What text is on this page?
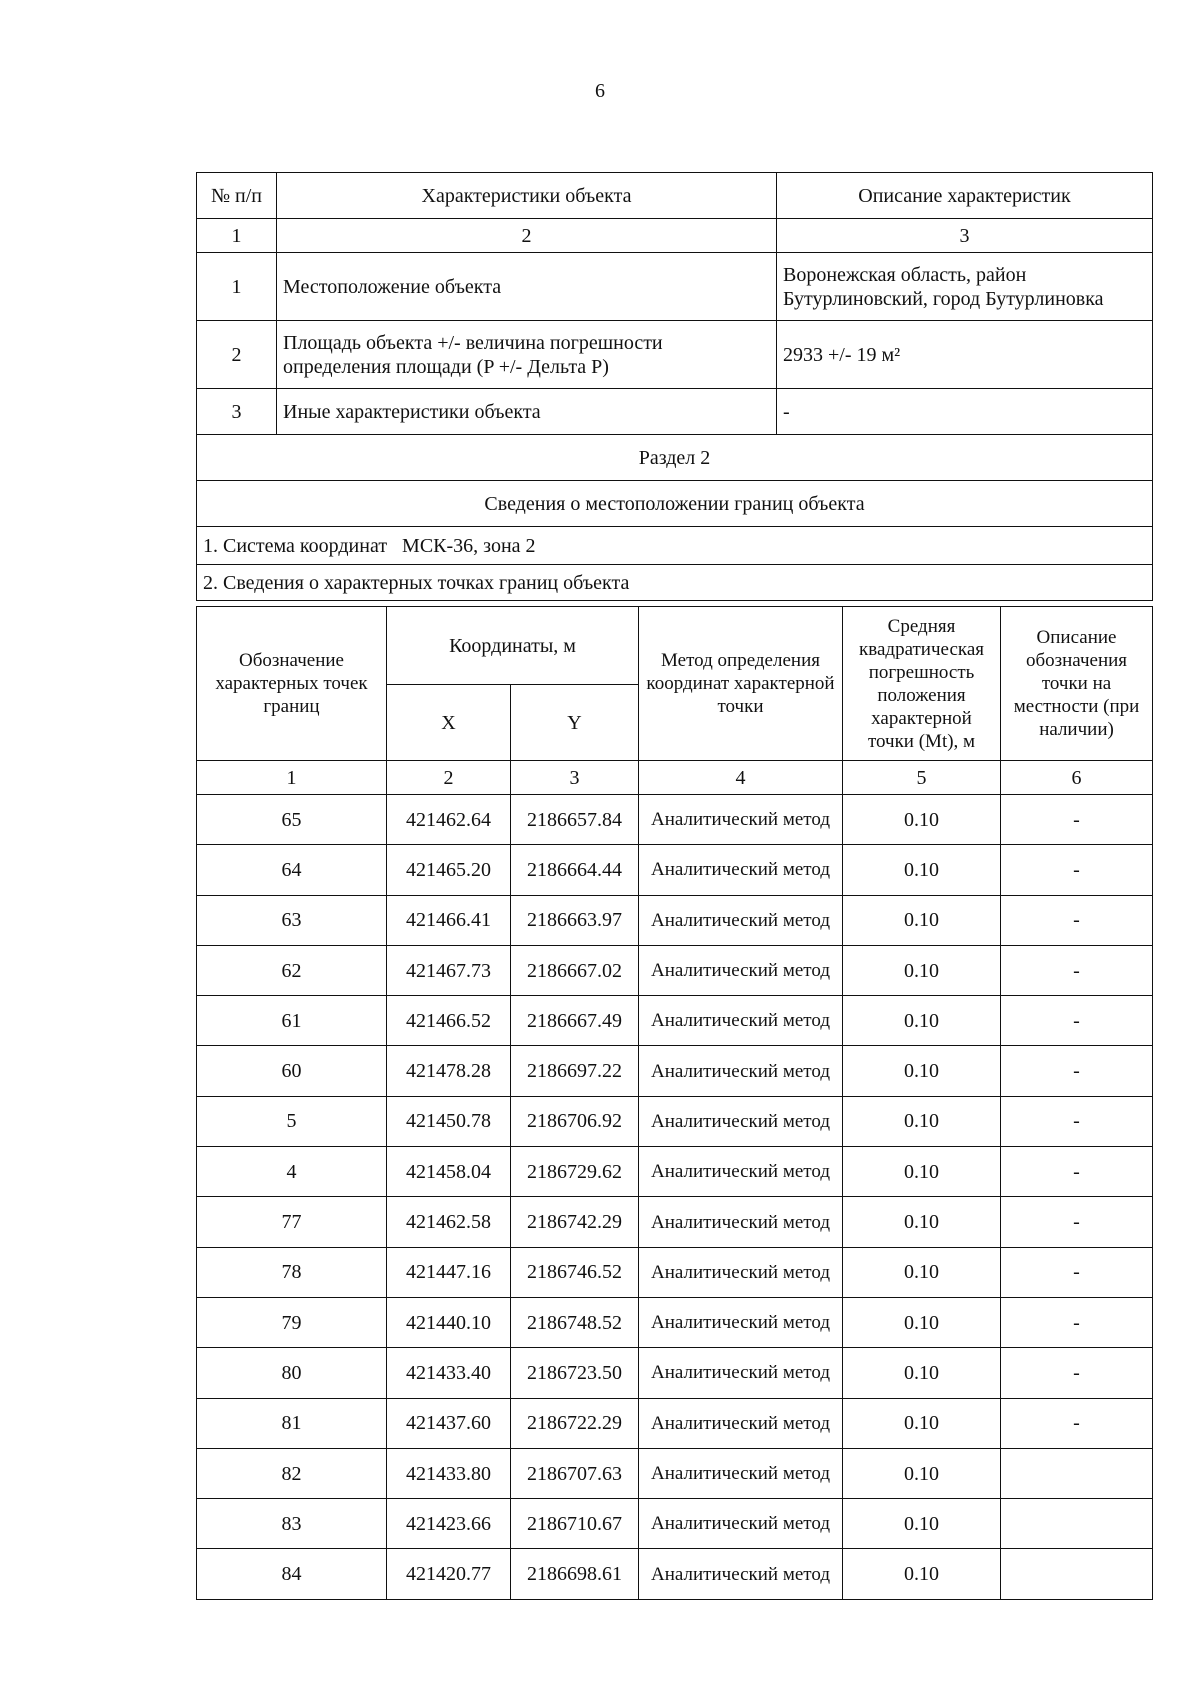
6
№ п/п	Характеристики объекта	Описание характеристик
1	2	3
1	Местоположение объекта	Воронежская область, район Бутурлиновский, город Бутурлиновка
2	Площадь объекта +/- величина погрешности определения площади (P +/- Дельта P)	2933 +/- 19 м²
3	Иные характеристики объекта	-
Раздел 2		
Сведения о местоположении границ объекта		
1. Система координат   МСК-36, зона 2		
2. Сведения о характерных точках границ объекта		
Обозначение характерных точек границ	Координаты, м		Метод определения координат характерной точки	Средняя квадратическая погрешность положения характерной точки (Mt), м	Описание обозначения точки на местности (при наличии)
	X	Y			
1	2	3	4	5	6
65	421462.64	2186657.84	Аналитический метод	0.10	-
64	421465.20	2186664.44	Аналитический метод	0.10	-
63	421466.41	2186663.97	Аналитический метод	0.10	-
62	421467.73	2186667.02	Аналитический метод	0.10	-
61	421466.52	2186667.49	Аналитический метод	0.10	-
60	421478.28	2186697.22	Аналитический метод	0.10	-
5	421450.78	2186706.92	Аналитический метод	0.10	-
4	421458.04	2186729.62	Аналитический метод	0.10	-
77	421462.58	2186742.29	Аналитический метод	0.10	-
78	421447.16	2186746.52	Аналитический метод	0.10	-
79	421440.10	2186748.52	Аналитический метод	0.10	-
80	421433.40	2186723.50	Аналитический метод	0.10	-
81	421437.60	2186722.29	Аналитический метод	0.10	-
82	421433.80	2186707.63	Аналитический метод	0.10	
83	421423.66	2186710.67	Аналитический метод	0.10	
84	421420.77	2186698.61	Аналитический метод	0.10	
